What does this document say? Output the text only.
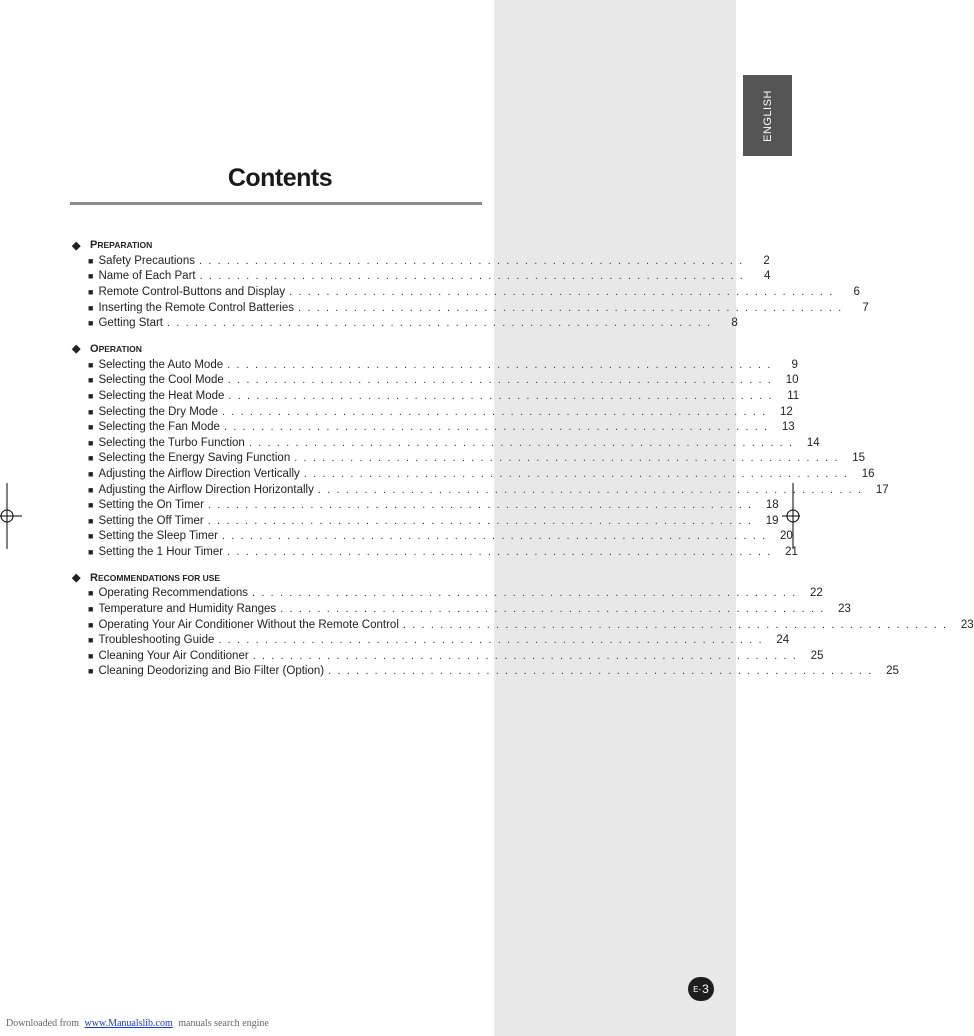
ENGLISH
Contents
◆ P REPARATION
■ Safety Precautions . . . . . . . . . . . . . . . . . . . . . . . . . . . . . . . . . . . . . . . . . . . . . . . . . . . . . . . . . . .	2
■ Name of Each Part . . . . . . . . . . . . . . . . . . . . . . . . . . . . . . . . . . . . . . . . . . . . . . . . . . . . . . . . . . .	4
■ Remote Control-Buttons and Display . . . . . . . . . . . . . . . . . . . . . . . . . . . . . . . . . . . . . . . . . . . . . . . . . . . . . . . . . . .	6
■ Inserting the Remote Control Batteries . . . . . . . . . . . . . . . . . . . . . . . . . . . . . . . . . . . . . . . . . . . . . . . . . . . . . . . . . . .	7
■ Getting Start . . . . . . . . . . . . . . . . . . . . . . . . . . . . . . . . . . . . . . . . . . . . . . . . . . . . . . . . . . .	8
◆ O PERATION
■ Selecting the Auto Mode . . . . . . . . . . . . . . . . . . . . . . . . . . . . . . . . . . . . . . . . . . . . . . . . . . . . . . . . . . .	9
■ Selecting the Cool Mode . . . . . . . . . . . . . . . . . . . . . . . . . . . . . . . . . . . . . . . . . . . . . . . . . . . . . . . . . . .	10
■ Selecting the Heat Mode . . . . . . . . . . . . . . . . . . . . . . . . . . . . . . . . . . . . . . . . . . . . . . . . . . . . . . . . . . .	11
■ Selecting the Dry Mode . . . . . . . . . . . . . . . . . . . . . . . . . . . . . . . . . . . . . . . . . . . . . . . . . . . . . . . . . . .	12
■ Selecting the Fan Mode . . . . . . . . . . . . . . . . . . . . . . . . . . . . . . . . . . . . . . . . . . . . . . . . . . . . . . . . . . .	13
■ Selecting the Turbo Function . . . . . . . . . . . . . . . . . . . . . . . . . . . . . . . . . . . . . . . . . . . . . . . . . . . . . . . . . . .	14
■ Selecting the Energy Saving Function . . . . . . . . . . . . . . . . . . . . . . . . . . . . . . . . . . . . . . . . . . . . . . . . . . . . . . . . . . .	15
■ Adjusting the Airflow Direction Vertically . . . . . . . . . . . . . . . . . . . . . . . . . . . . . . . . . . . . . . . . . . . . . . . . . . . . . . . . . . .	16
■ Adjusting the Airflow Direction Horizontally . . . . . . . . . . . . . . . . . . . . . . . . . . . . . . . . . . . . . . . . . . . . . . . . . . . . . . . . . . .	17
■ Setting the On Timer . . . . . . . . . . . . . . . . . . . . . . . . . . . . . . . . . . . . . . . . . . . . . . . . . . . . . . . . . . .	18
■ Setting the Off Timer . . . . . . . . . . . . . . . . . . . . . . . . . . . . . . . . . . . . . . . . . . . . . . . . . . . . . . . . . . .	19
■ Setting the Sleep Timer . . . . . . . . . . . . . . . . . . . . . . . . . . . . . . . . . . . . . . . . . . . . . . . . . . . . . . . . . . .	20
■ Setting the 1 Hour Timer . . . . . . . . . . . . . . . . . . . . . . . . . . . . . . . . . . . . . . . . . . . . . . . . . . . . . . . . . . .	21
◆ R ECOMMENDATIONS FOR USE
■ Operating Recommendations . . . . . . . . . . . . . . . . . . . . . . . . . . . . . . . . . . . . . . . . . . . . . . . . . . . . . . . . . . .	22
■ Temperature and Humidity Ranges . . . . . . . . . . . . . . . . . . . . . . . . . . . . . . . . . . . . . . . . . . . . . . . . . . . . . . . . . . .	23
■ Operating Your Air Conditioner Without the Remote Control . . . . . . . . . . . . . . . . . . . . . . . . . . . . . . . . . . . . . . . . . . . . . . . . . . . . . . . . . . .	23
■ Troubleshooting Guide . . . . . . . . . . . . . . . . . . . . . . . . . . . . . . . . . . . . . . . . . . . . . . . . . . . . . . . . . . .	24
■ Cleaning Your Air Conditioner . . . . . . . . . . . . . . . . . . . . . . . . . . . . . . . . . . . . . . . . . . . . . . . . . . . . . . . . . . .	25
■ Cleaning Deodorizing and Bio Filter (Option) . . . . . . . . . . . . . . . . . . . . . . . . . . . . . . . . . . . . . . . . . . . . . . . . . . . . . . . . . . .	25
E- 3
Downloaded from www.Manualslib.com manuals search engine
